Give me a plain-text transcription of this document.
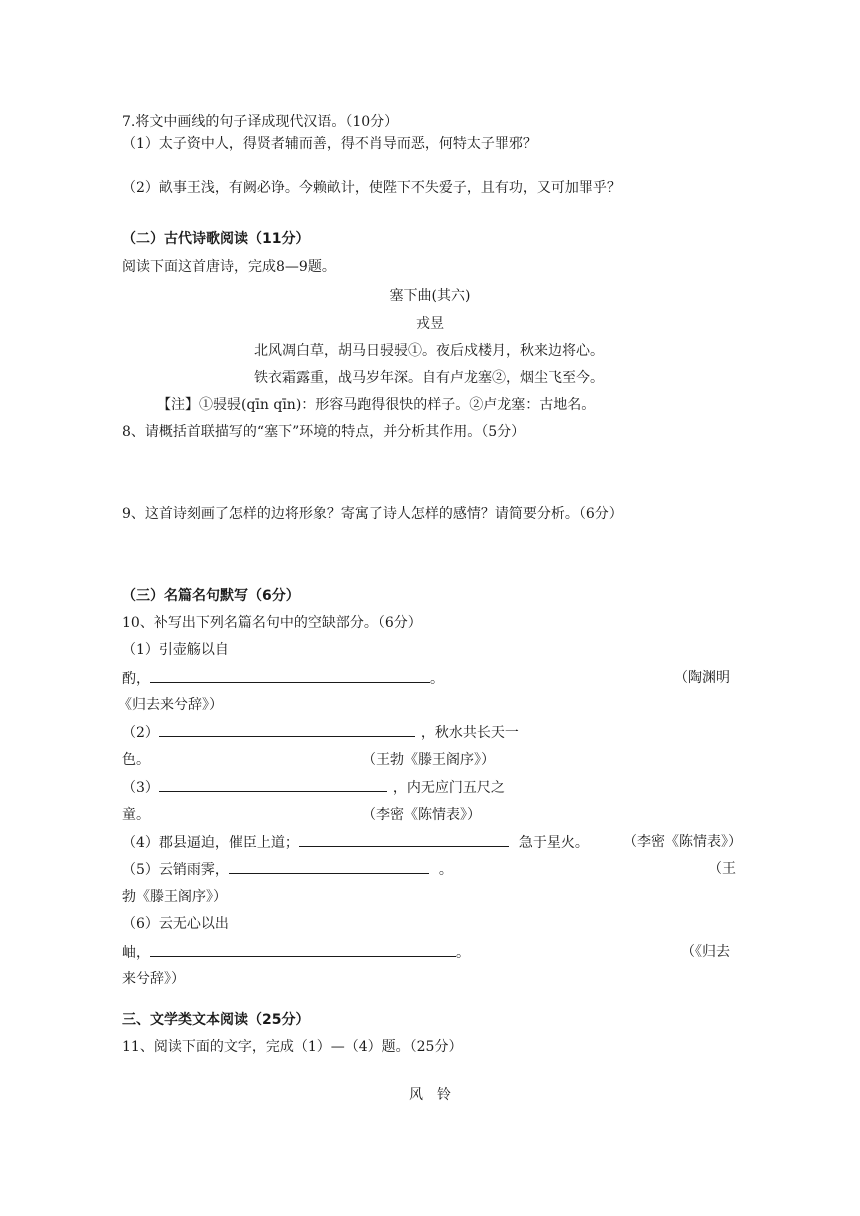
7.将文中画线的句子译成现代汉语。（10分）
（1）太子资中人，得贤者辅而善，得不肖导而恶，何特太子罪邪？
（2）畝事王浅，有阙必诤。今赖畝计，使陛下不失爱子，且有功，又可加罪乎？
（二）古代诗歌阅读（11分）
阅读下面这首唐诗，完成8—9题。
塞下曲(其六)
戎昱
北风凋白草，胡马日骎骎①。夜后戍楼月，秋来边将心。
铁衣霜露重，战马岁年深。自有卢龙塞②，烟尘飞至今。
【注】①骎骎(qīn qīn)：形容马跑得很快的样子。②卢龙塞：古地名。
8、请概括首联描写的“塞下”环境的特点，并分析其作用。（5分）
9、这首诗刻画了怎样的边将形象？寄寓了诗人怎样的感情？请简要分析。（6分）
（三）名篇名句默写（6分）
10、补写出下列名篇名句中的空缺部分。（6分）
（1）引壶觞以自
酌，	。	（陶渊明
《归去来兮辞》）
（2）	，秋水共长天一
色。	（王勃《滕王阁序》）
（3）	，内无应门五尺之
童。	（李密《陈情表》）
（4）郡县逼迫，催臣上道；	急于星火。 （李密《陈情表》）
（5）云销雨霁，	。	（王
勃《滕王阁序》）
（6）云无心以出
岫，	。	（《归去
来兮辞》）
三、文学类文本阅读（25分）
11、阅读下面的文字，完成（1）—（4）题。（25分）
风　铃
